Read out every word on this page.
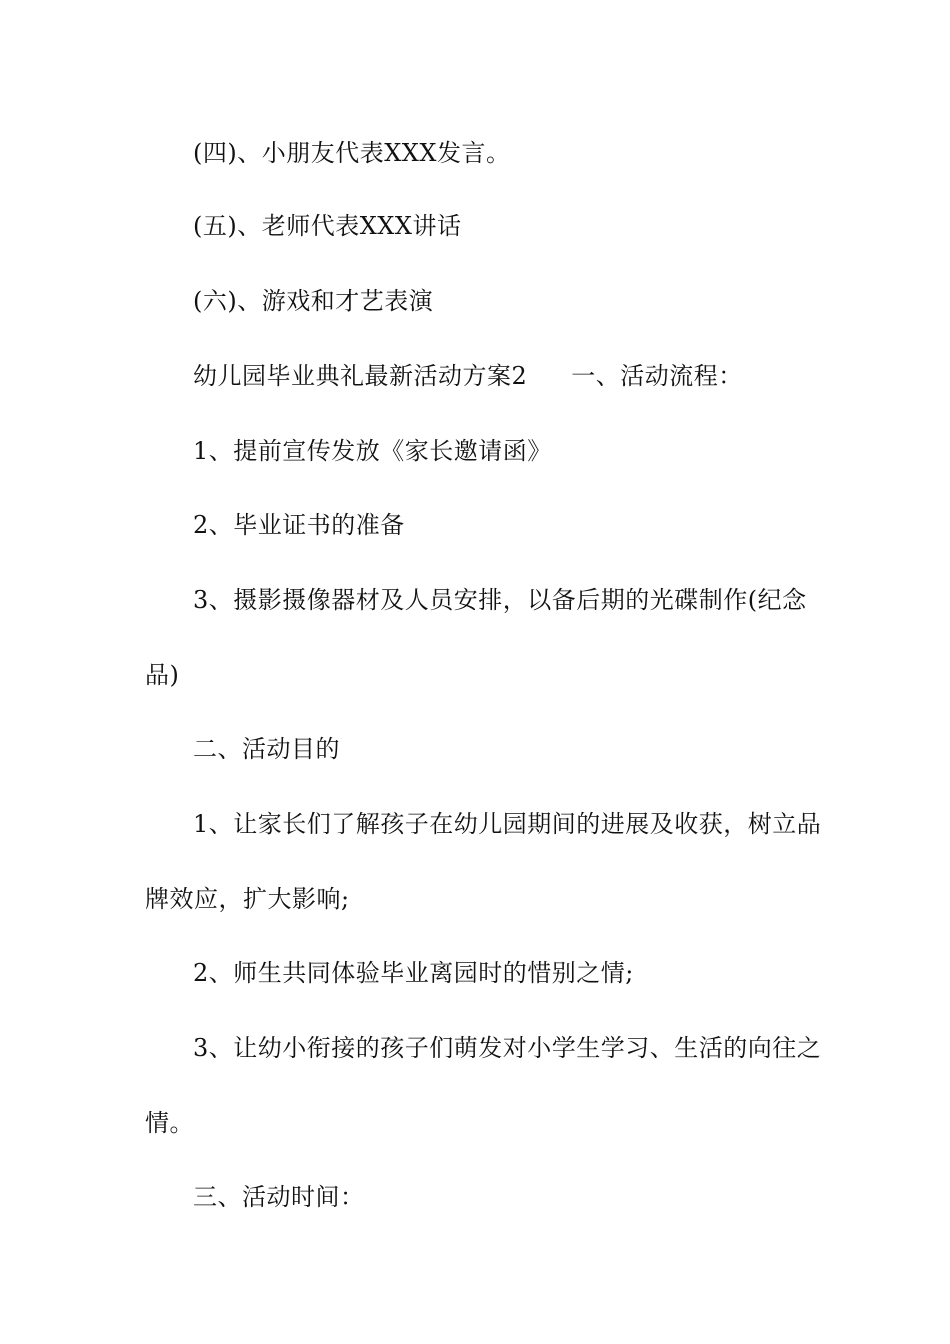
(四)、小朋友代表XXX发言。
(五)、老师代表XXX讲话
(六)、游戏和才艺表演
幼儿园毕业典礼最新活动方案2 一、活动流程：
1、提前宣传发放《家长邀请函》
2、毕业证书的准备
3、摄影摄像器材及人员安排，以备后期的光碟制作(纪念
品)
二、活动目的
1、让家长们了解孩子在幼儿园期间的进展及收获，树立品
牌效应，扩大影响;
2、师生共同体验毕业离园时的惜别之情;
3、让幼小衔接的孩子们萌发对小学生学习、生活的向往之
情。
三、活动时间：
